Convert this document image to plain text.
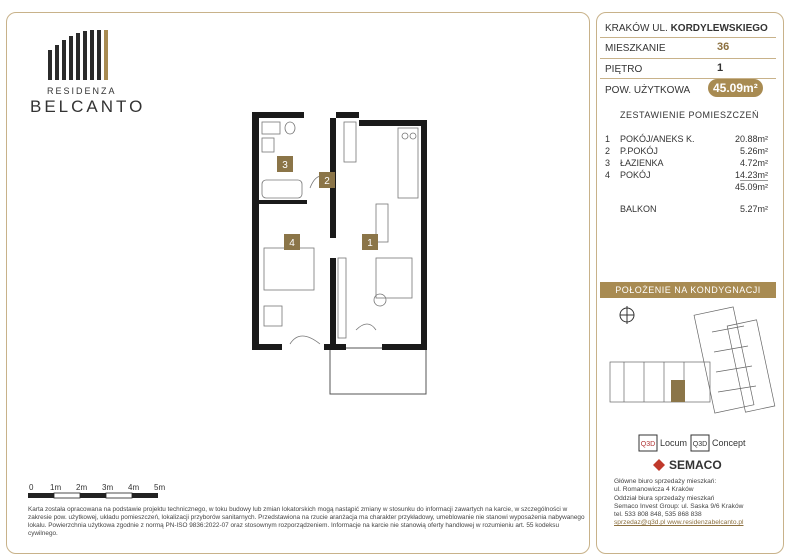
RESIDENZA
BELCANTO
3
2
4	1
0 1m 2m 3m 4m 5m
Karta została opracowana na podstawie projektu technicznego, w toku budowy lub zmian lokatorskich mogą nastąpić zmiany w stosunku do informacji zawartych na karcie, w szczególności w zakresie pow. użytkowej, układu pomieszczeń, lokalizacji przyborów sanitarnych. Przedstawiona na rzucie aranżacja ma charakter przykładowy, umeblowanie nie stanowi wyposażenia nabywanego lokalu. Powierzchnia użytkowa zgodnie z normą PN-ISO 9836:2022-07 oraz stosownym rozporządzeniem. Informacje na karcie nie stanowią oferty handlowej w rozumieniu art. 55 kodeksu cywilnego.
KRAKÓW UL. KORDYLEWSKIEGO
MIESZKANIE	36
PIĘTRO	1
POW. UŻYTKOWA	45.09m²
ZESTAWIENIE POMIESZCZEŃ
1	POKÓJ/ANEKS K.	20.88m²
2	P.POKÓJ	5.26m²
3	ŁAZIENKA	4.72m²
4	POKÓJ	14.23m²
45.09m²
BALKON	5.27m²
POŁOŻENIE NA KONDYGNACJI
Q3D Locum Q3D Concept
SEMACO
Główne biuro sprzedaży mieszkań:
ul. Romanowicza 4 Kraków
Oddział biura sprzedaży mieszkań
Semaco Invest Group: ul. Saska 9/6 Kraków
tel. 533 808 848, 535 868 838
sprzedaz@q3d.pl www.residenzabelcanto.pl
